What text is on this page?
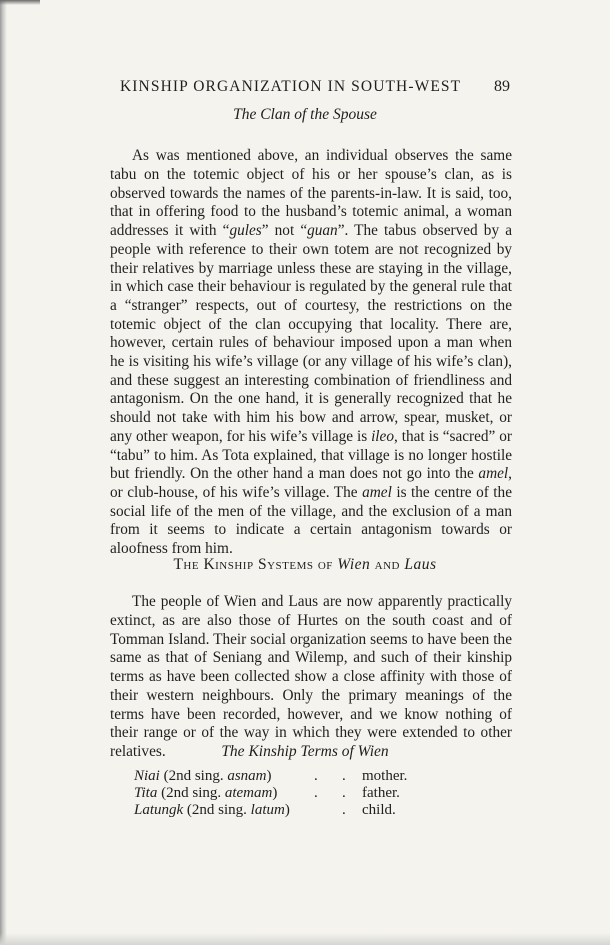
KINSHIP ORGANIZATION IN SOUTH-WEST 89
The Clan of the Spouse

As was mentioned above, an individual observes the same tabu on the totemic object of his or her spouse’s clan, as is observed towards the names of the parents-in-law. It is said, too, that in offering food to the husband’s totemic animal, a woman addresses it with “gules” not “guan”. The tabus observed by a people with reference to their own totem are not recognized by their relatives by marriage unless these are staying in the village, in which case their behaviour is regulated by the general rule that a “stranger” respects, out of courtesy, the restrictions on the totemic object of the clan occupying that locality. There are, however, certain rules of behaviour imposed upon a man when he is visiting his wife’s village (or any village of his wife’s clan), and these suggest an interesting combination of friendliness and antagonism. On the one hand, it is generally recognized that he should not take with him his bow and arrow, spear, musket, or any other weapon, for his wife’s village is ileo, that is “sacred” or “tabu” to him. As Tota explained, that village is no longer hostile but friendly. On the other hand a man does not go into the amel, or club-house, of his wife’s village. The amel is the centre of the social life of the men of the village, and the exclusion of a man from it seems to indicate a certain antagonism towards or aloofness from him.

The Kinship Systems of Wien and Laus

The people of Wien and Laus are now apparently practically extinct, as are also those of Hurtes on the south coast and of Tomman Island. Their social organization seems to have been the same as that of Seniang and Wilemp, and such of their kinship terms as have been collected show a close affinity with those of their western neighbours. Only the primary meanings of the terms have been recorded, however, and we know nothing of their range or of the way in which they were extended to other relatives.	The Kinship Terms of Wien
Niai (2nd sing. asnam)	. . mother.
Tita (2nd sing. atemam) . . father.
Latungk (2nd sing. latum)	. child.
